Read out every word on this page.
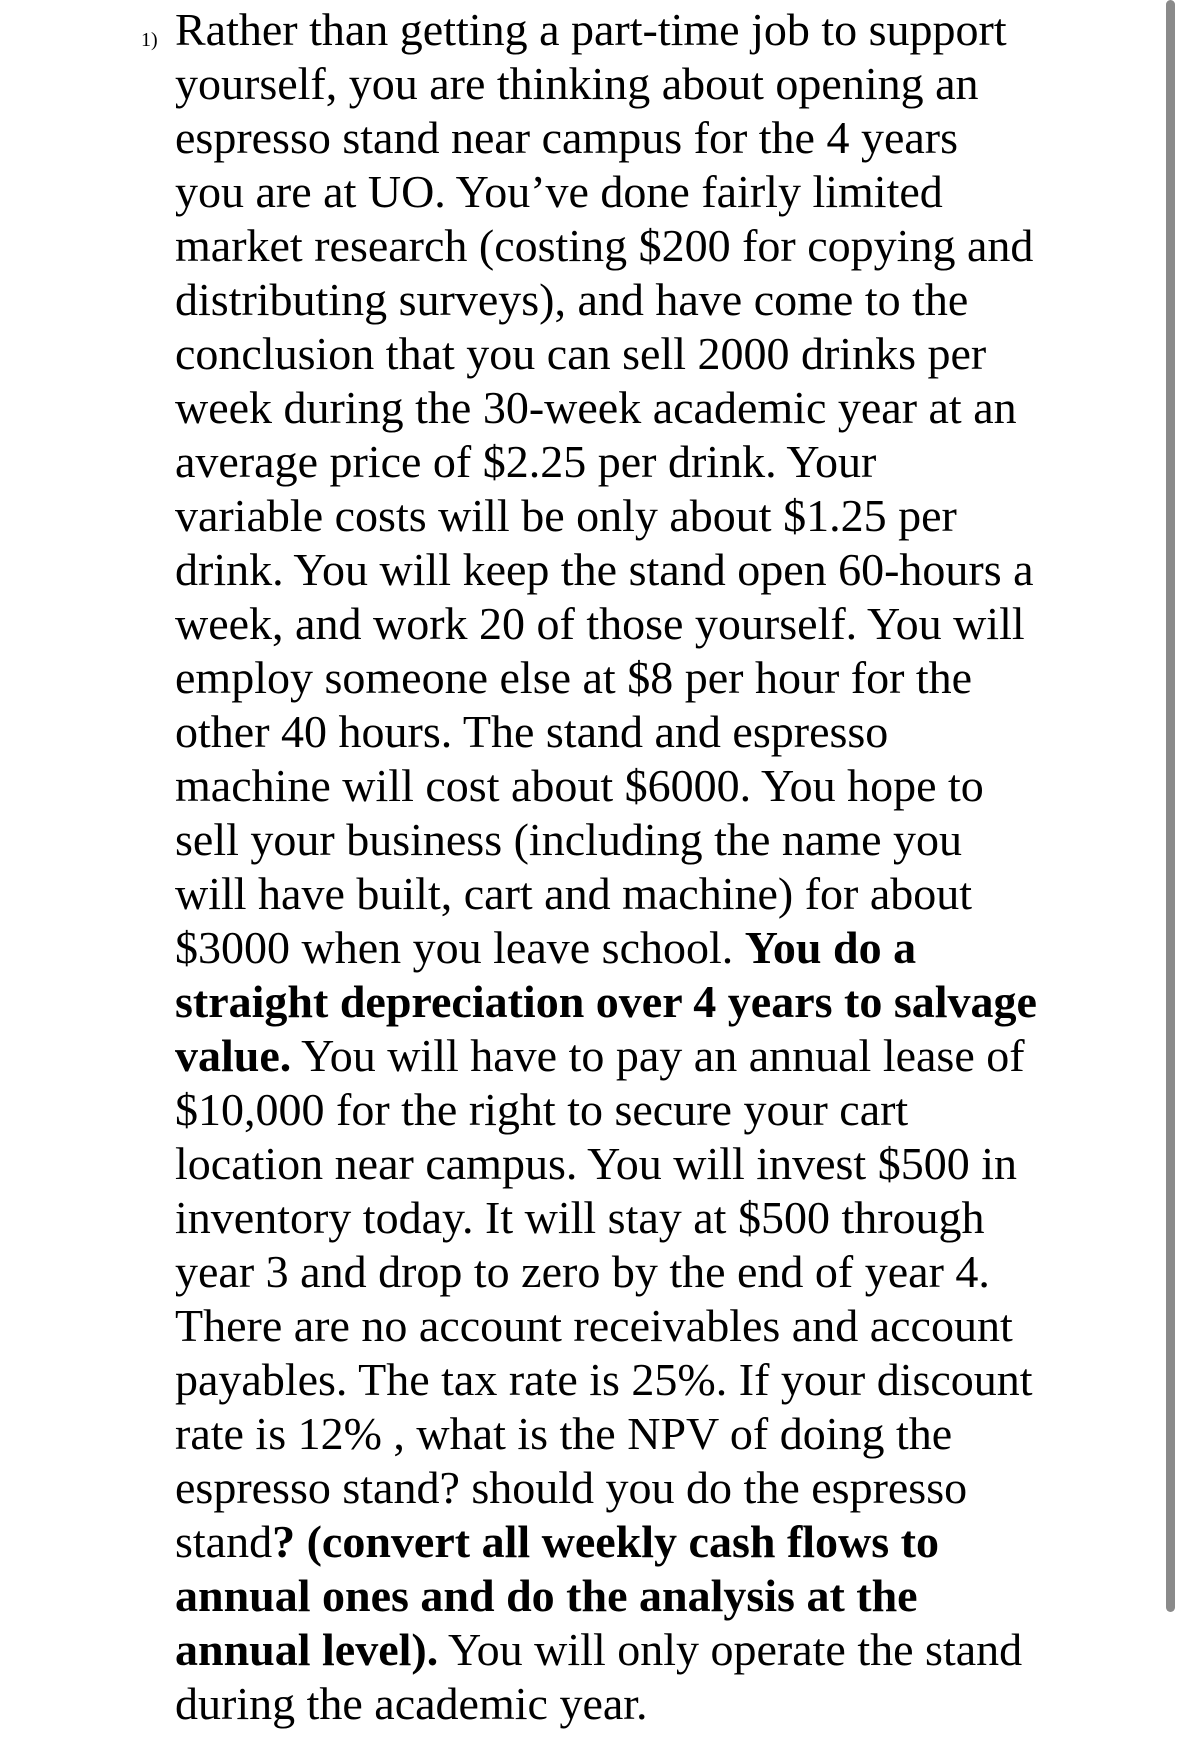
1) Rather than getting a part-time job to support
yourself, you are thinking about opening an
espresso stand near campus for the 4 years
you are at UO. You’ve done fairly limited
market research (costing $200 for copying and
distributing surveys), and have come to the
conclusion that you can sell 2000 drinks per
week during the 30-week academic year at an
average price of $2.25 per drink. Your
variable costs will be only about $1.25 per
drink. You will keep the stand open 60-hours a
week, and work 20 of those yourself. You will
employ someone else at $8 per hour for the
other 40 hours. The stand and espresso
machine will cost about $6000. You hope to
sell your business (including the name you
will have built, cart and machine) for about
$3000 when you leave school. You do a
straight depreciation over 4 years to salvage
value. You will have to pay an annual lease of
$10,000 for the right to secure your cart
location near campus. You will invest $500 in
inventory today. It will stay at $500 through
year 3 and drop to zero by the end of year 4.
There are no account receivables and account
payables. The tax rate is 25%. If your discount
rate is 12% , what is the NPV of doing the
espresso stand? should you do the espresso
stand? (convert all weekly cash flows to
annual ones and do the analysis at the
annual level). You will only operate the stand
during the academic year.
